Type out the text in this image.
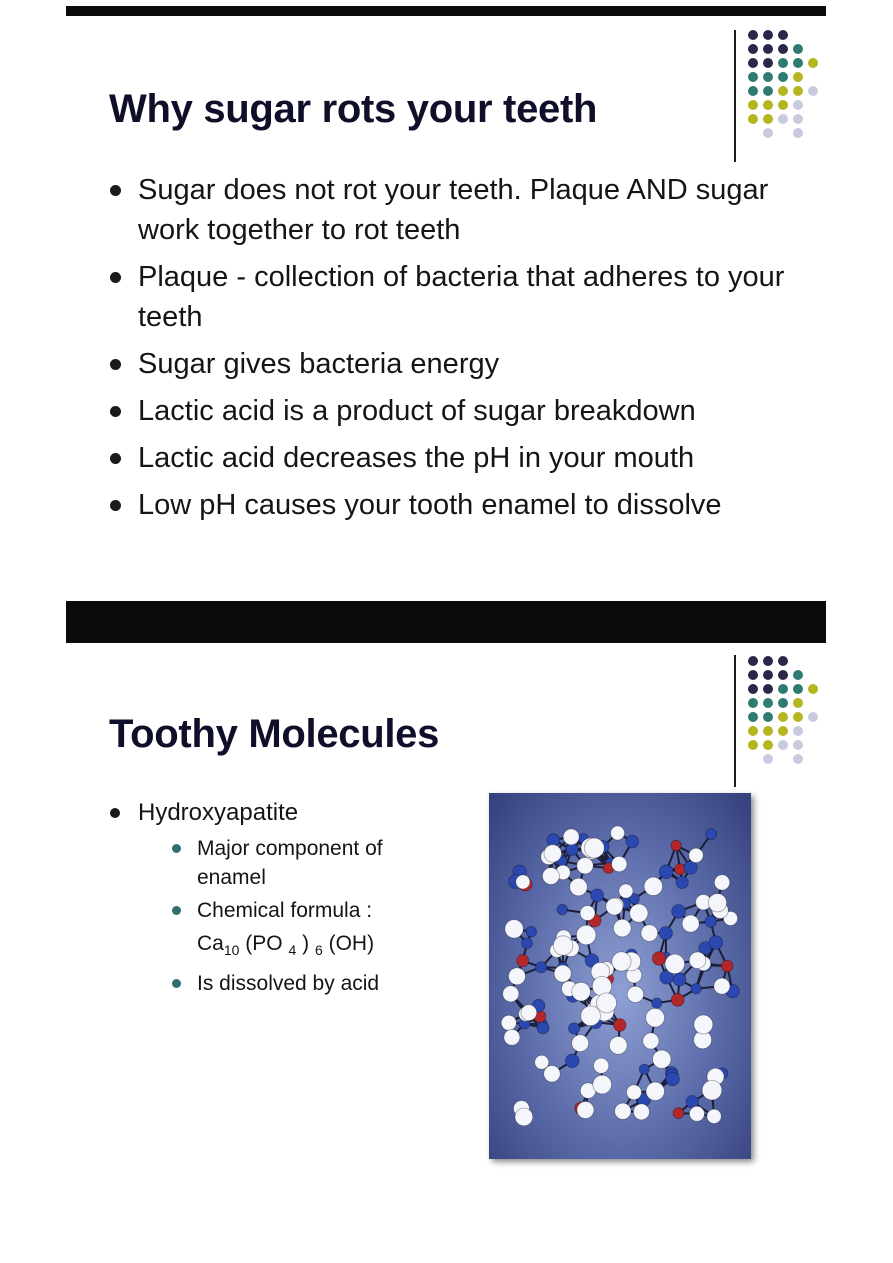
Why sugar rots your teeth
Sugar does not rot your teeth. Plaque AND sugar work together to rot teeth
Plaque - collection of bacteria that adheres to your teeth
Sugar gives bacteria energy
Lactic acid is a product of sugar breakdown
Lactic acid decreases the pH in your mouth
Low pH causes your tooth enamel to dissolve
Toothy Molecules
Hydroxyapatite
Major component of enamel
Chemical formula :
$Ca_{10}$ (PO $_4$ ) $_6$ (OH)
Is dissolved by acid
